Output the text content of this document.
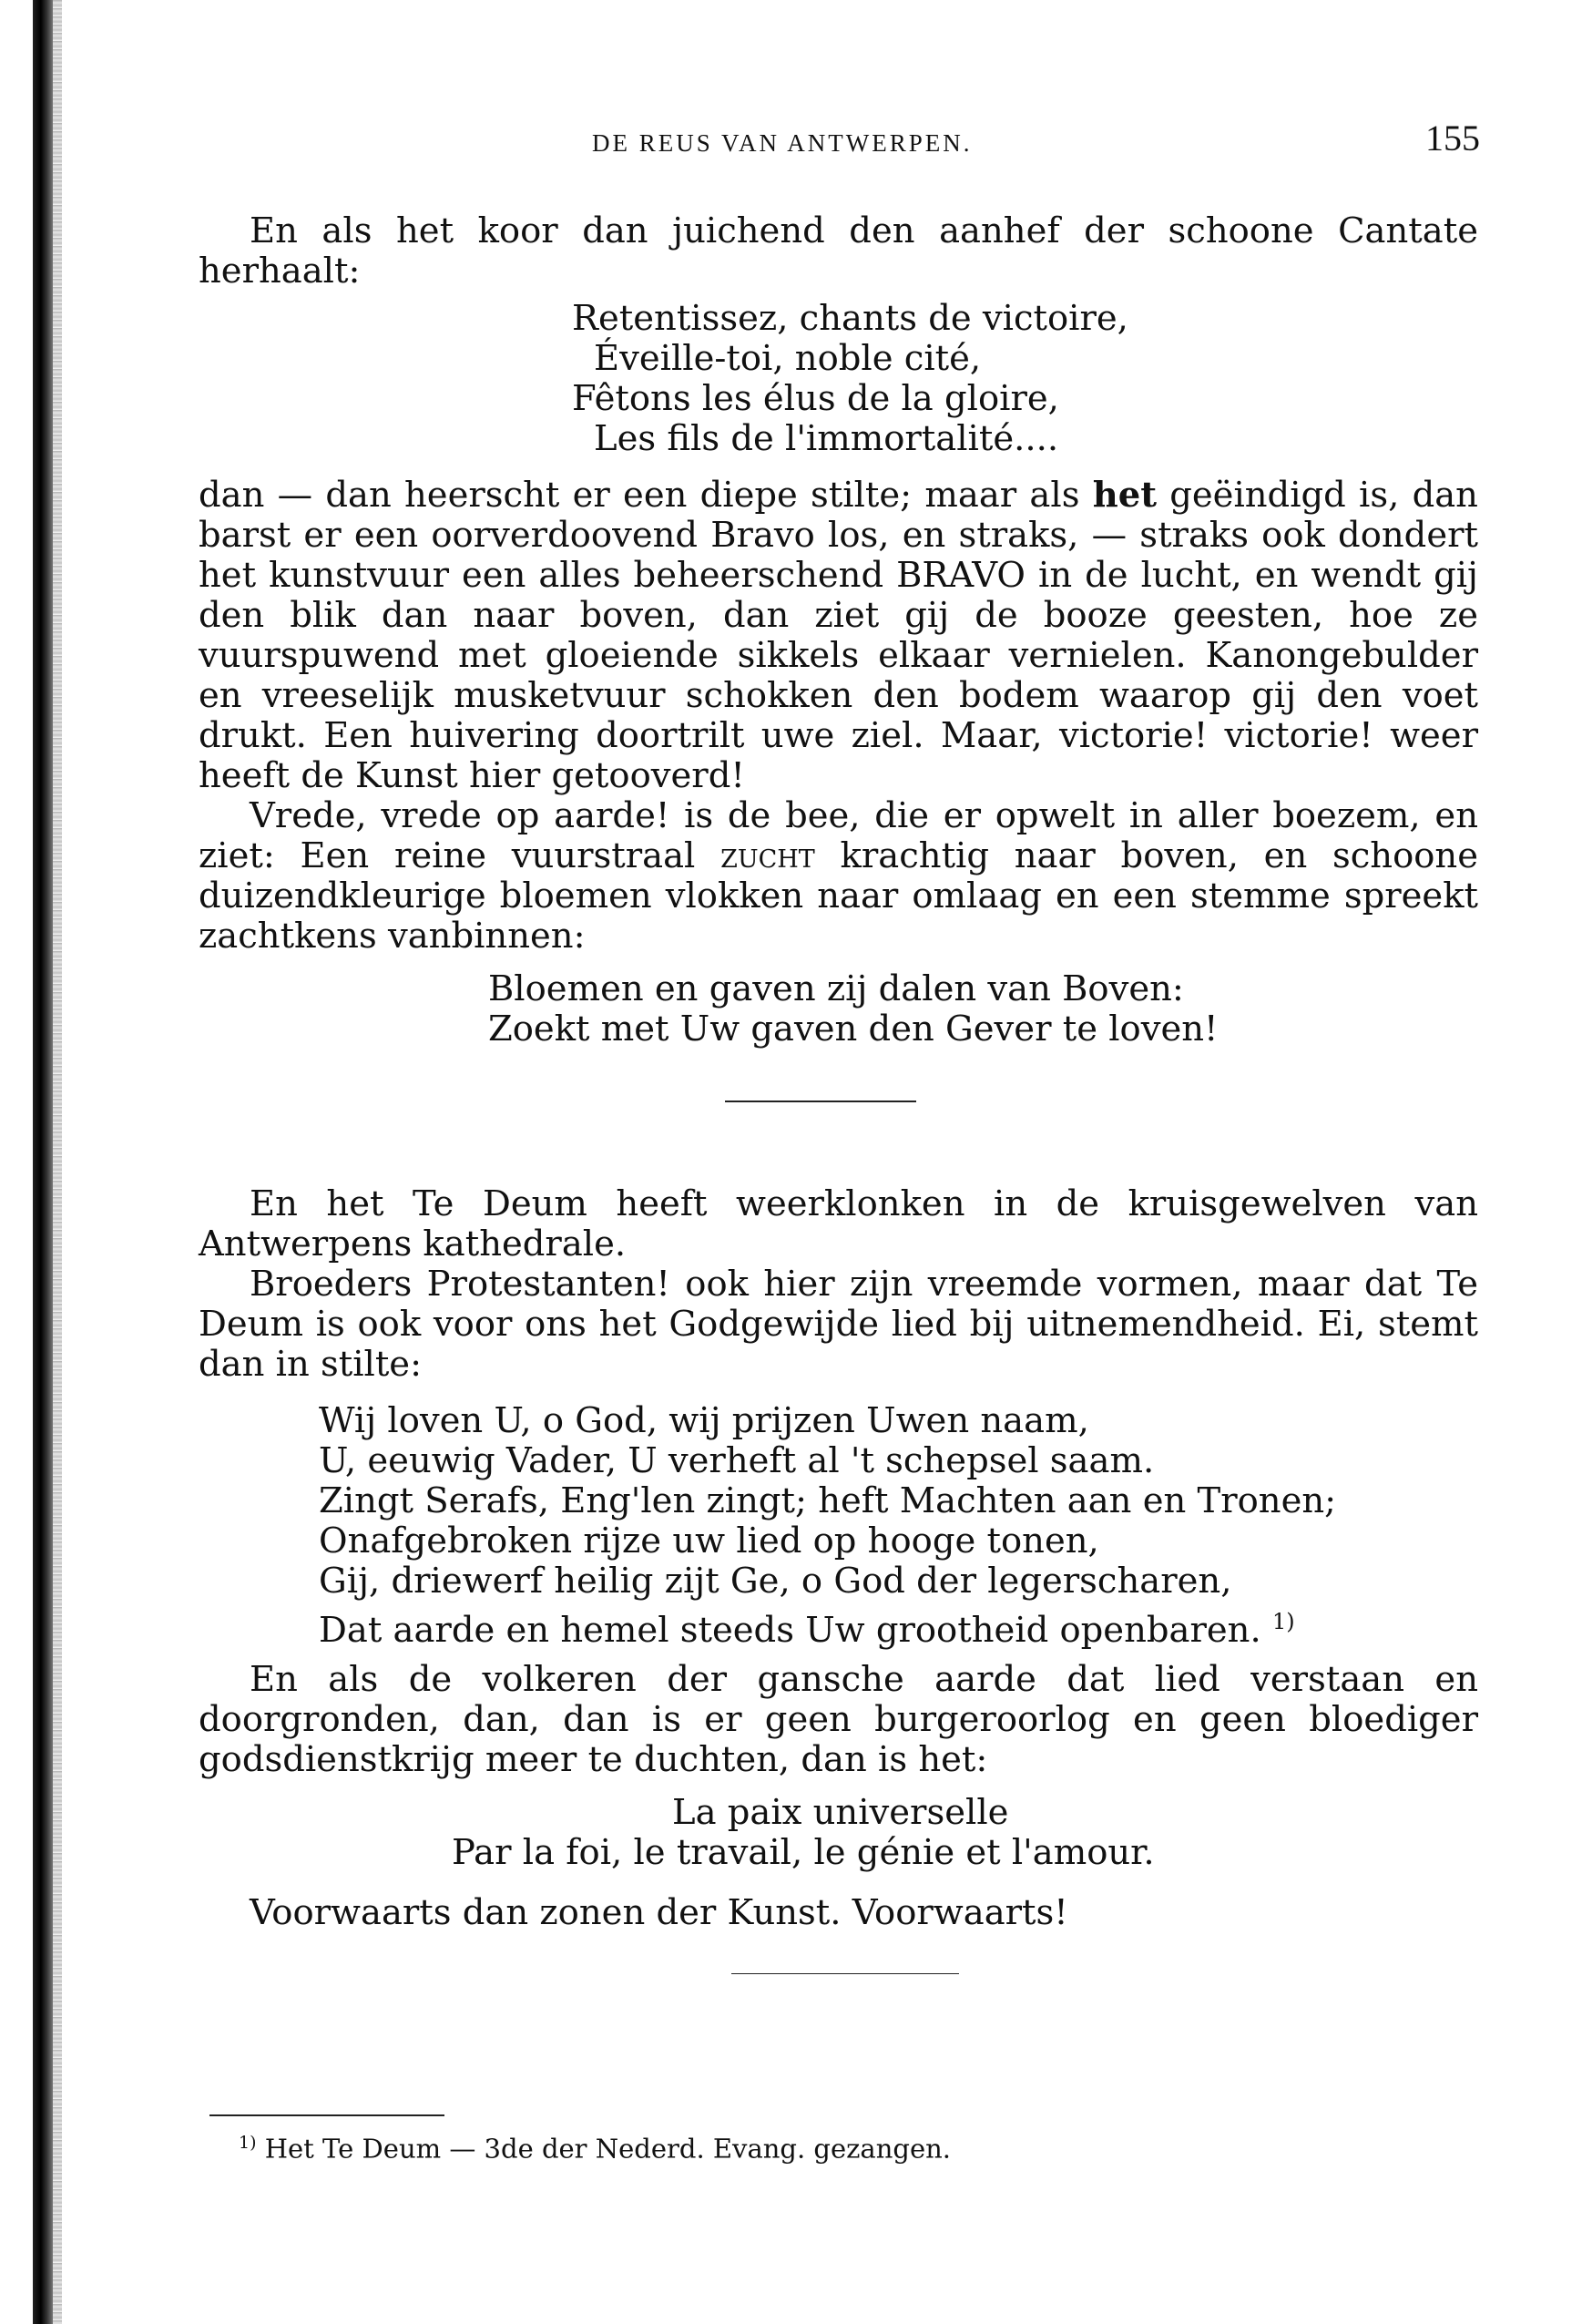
DE REUS VAN ANTWERPEN.	155

En als het koor dan juichend den aanhef der schoone Cantate herhaalt:

Retentissez, chants de victoire,
Éveille-toi, noble cité,
Fêtons les élus de la gloire,
Les fils de l'immortalité....

dan — dan heerscht er een diepe stilte; maar als het geëindigd is, dan barst er een oorverdoovend Bravo los, en straks, — straks ook dondert het kunstvuur een alles beheerschend BRAVO in de lucht, en wendt gij den blik dan naar boven, dan ziet gij de booze geesten, hoe ze vuurspuwend met gloeiende sikkels elkaar vernielen. Kanongebulder en vreeselijk musketvuur schokken den bodem waarop gij den voet drukt. Een huivering doortrilt uwe ziel. Maar, victorie! victorie! weer heeft de Kunst hier getooverd!

Vrede, vrede op aarde! is de bee, die er opwelt in aller boezem, en ziet: Een reine vuurstraal zucht krachtig naar boven, en schoone duizendkleurige bloemen vlokken naar omlaag en een stemme spreekt zachtkens vanbinnen:

Bloemen en gaven zij dalen van Boven:
Zoekt met Uw gaven den Gever te loven!

En het Te Deum heeft weerklonken in de kruisgewelven van Antwerpens kathedrale.

Broeders Protestanten! ook hier zijn vreemde vormen, maar dat Te Deum is ook voor ons het Godgewijde lied bij uitnemendheid. Ei, stemt dan in stilte:

Wij loven U, o God, wij prijzen Uwen naam,
U, eeuwig Vader, U verheft al 't schepsel saam.
Zingt Serafs, Eng'len zingt; heft Machten aan en Tronen;
Onafgebroken rijze uw lied op hooge tonen,
Gij, driewerf heilig zijt Ge, o God der legerscharen,
Dat aarde en hemel steeds Uw grootheid openbaren. $^{1)}$

En als de volkeren der gansche aarde dat lied verstaan en doorgronden, dan, dan is er geen burgeroorlog en geen bloediger godsdienstkrijg meer te duchten, dan is het:

La paix universelle
Par la foi, le travail, le génie et l'amour.

Voorwaarts dan zonen der Kunst. Voorwaarts!

$^{1)}$ Het Te Deum — 3de der Nederd. Evang. gezangen.
